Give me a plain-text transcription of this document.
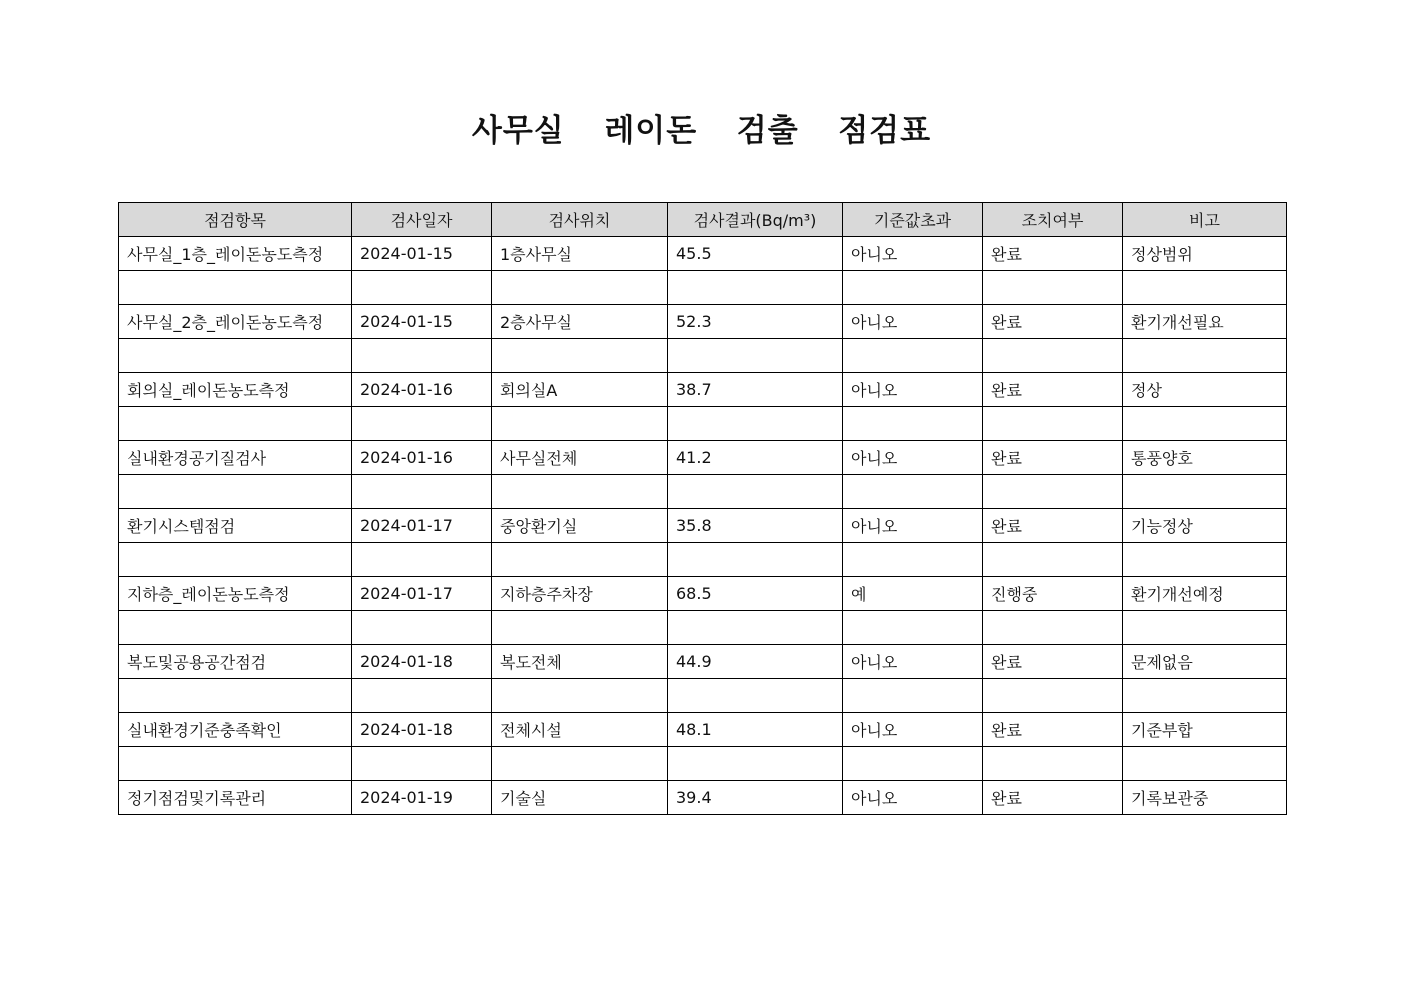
사무실  레이돈  검출  점검표
점검항목	검사일자	검사위치	검사결과(Bq/m³)	기준값초과	조치여부	비고
사무실_1층_레이돈농도측정	2024-01-15	1층사무실	45.5	아니오	완료	정상범위

사무실_2층_레이돈농도측정	2024-01-15	2층사무실	52.3	아니오	완료	환기개선필요

회의실_레이돈농도측정	2024-01-16	회의실A	38.7	아니오	완료	정상

실내환경공기질검사	2024-01-16	사무실전체	41.2	아니오	완료	통풍양호

환기시스템점검	2024-01-17	중앙환기실	35.8	아니오	완료	기능정상

지하층_레이돈농도측정	2024-01-17	지하층주차장	68.5	예	진행중	환기개선예정

복도및공용공간점검	2024-01-18	복도전체	44.9	아니오	완료	문제없음

실내환경기준충족확인	2024-01-18	전체시설	48.1	아니오	완료	기준부합

정기점검및기록관리	2024-01-19	기술실	39.4	아니오	완료	기록보관중
